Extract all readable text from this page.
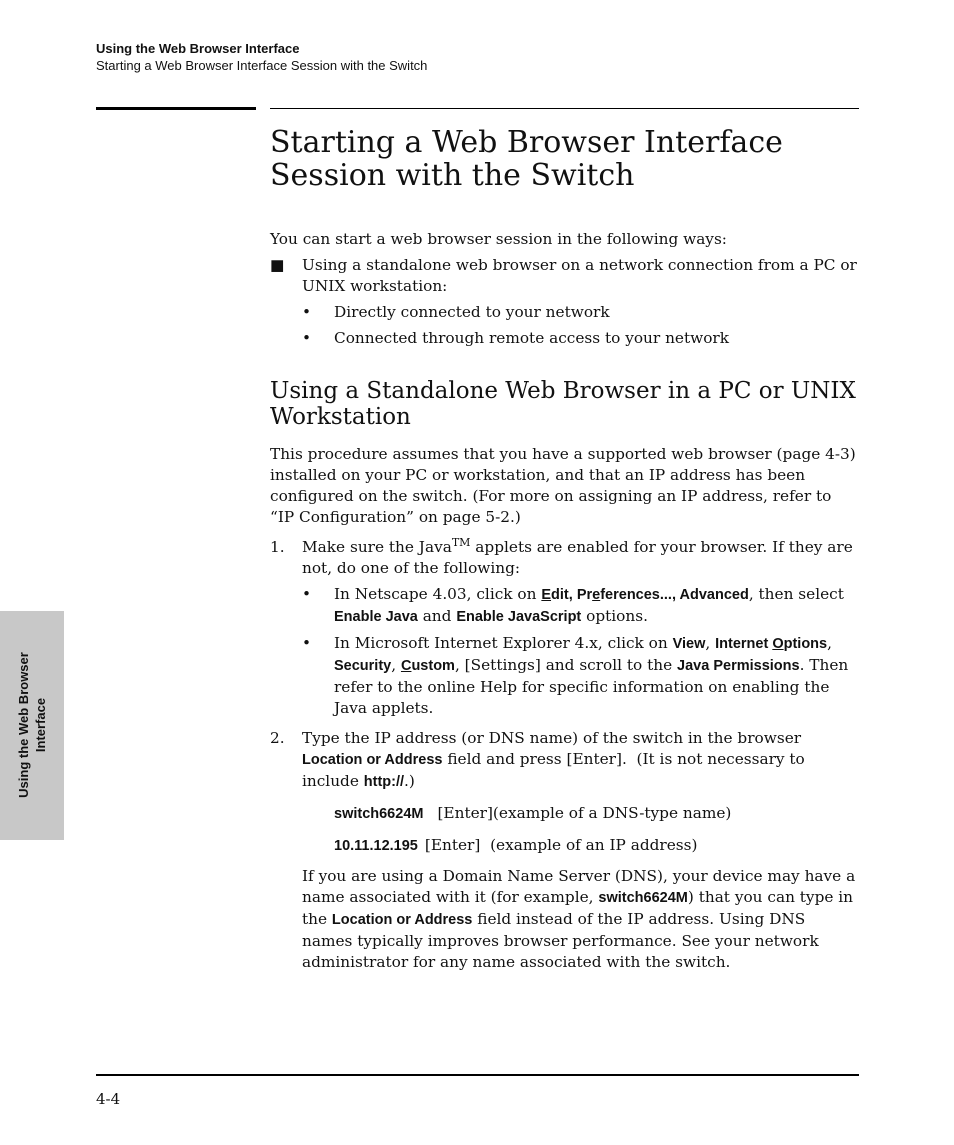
Using the Web Browser Interface
Starting a Web Browser Interface Session with the Switch
Starting a Web Browser Interface
Session with the Switch

You can start a web browser session in the following ways:

■ Using a standalone web browser on a network connection from a PC or UNIX workstation:
• Directly connected to your network
• Connected through remote access to your network
Using a Standalone Web Browser in a PC or UNIX Workstation

This procedure assumes that you have a supported web browser (page 4-3) installed on your PC or workstation, and that an IP address has been configured on the switch. (For more on assigning an IP address, refer to “IP Configuration” on page 5-2.)

1. Make sure the Java™ applets are enabled for your browser. If they are not, do one of the following:
• In Netscape 4.03, click on Edit, Preferences..., Advanced, then select Enable Java and Enable JavaScript options.
• In Microsoft Internet Explorer 4.x, click on View, Internet Options, Security, Custom, [Settings] and scroll to the Java Permissions. Then refer to the online Help for specific information on enabling the Java applets.
2. Type the IP address (or DNS name) of the switch in the browser Location or Address field and press [Enter].  (It is not necessary to include http://.)
switch6624M [Enter](example of a DNS-type name)
10.11.12.195 [Enter]  (example of an IP address)
If you are using a Domain Name Server (DNS), your device may have a name associated with it (for example, switch6624M) that you can type in the Location or Address field instead of the IP address. Using DNS names typically improves browser performance. See your network administrator for any name associated with the switch.
Using the Web Browser Interface
4-4
